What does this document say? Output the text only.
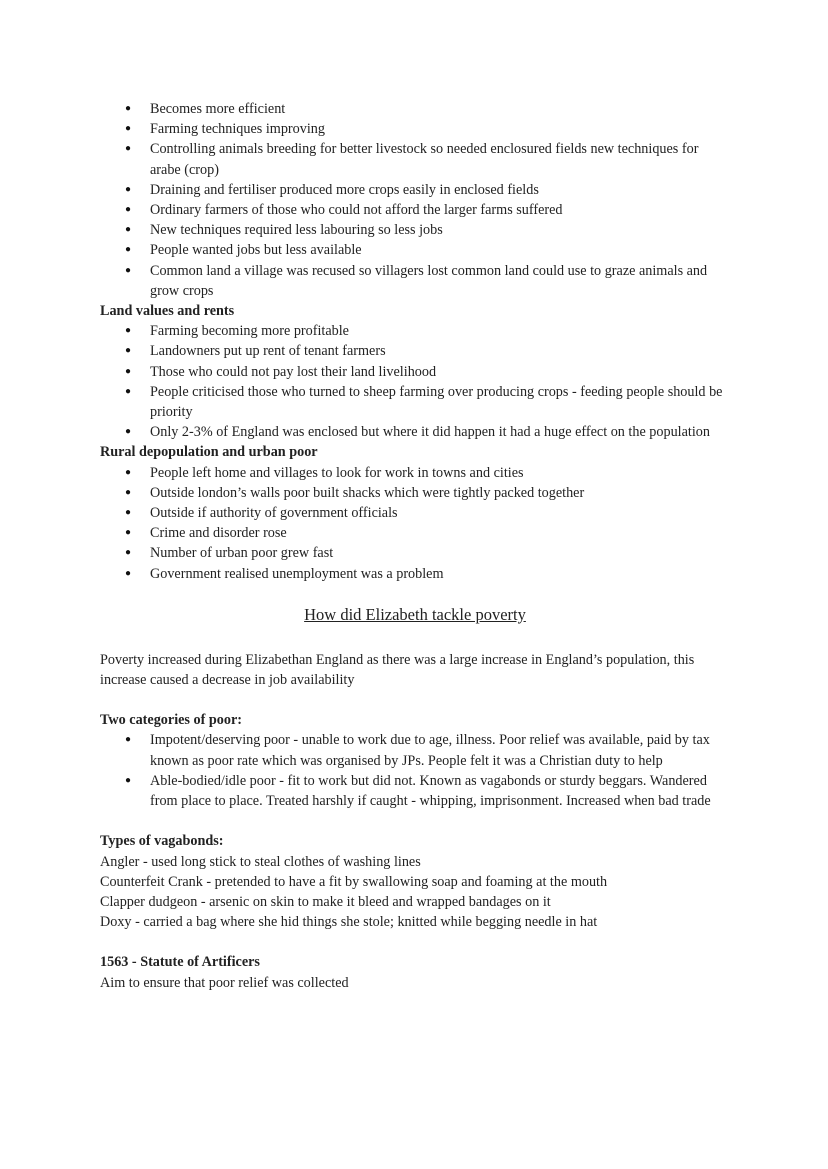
● Becomes more efficient
● Farming techniques improving
● Controlling animals breeding for better livestock so needed enclosured fields new techniques for arabe (crop)
● Draining and fertiliser produced more crops easily in enclosed fields
● Ordinary farmers of those who could not afford the larger farms suffered
● New techniques required less labouring so less jobs
● People wanted jobs but less available
● Common land a village was recused so villagers lost common land could use to graze animals and grow crops

Land values and rents

● Farming becoming more profitable
● Landowners put up rent of tenant farmers
● Those who could not pay lost their land livelihood
● People criticised those who turned to sheep farming over producing crops - feeding people should be priority
● Only 2-3% of England was enclosed but where it did happen it had a huge effect on the population

Rural depopulation and urban poor

● People left home and villages to look for work in towns and cities
● Outside london’s walls poor built shacks which were tightly packed together
● Outside if authority of government officials
● Crime and disorder rose
● Number of urban poor grew fast
● Government realised unemployment was a problem

How did Elizabeth tackle poverty

Poverty increased during Elizabethan England as there was a large increase in England’s population, this increase caused a decrease in job availability

Two categories of poor:

● Impotent/deserving poor - unable to work due to age, illness. Poor relief was available, paid by tax known as poor rate which was organised by JPs. People felt it was a Christian duty to help
● Able-bodied/idle poor - fit to work but did not. Known as vagabonds or sturdy beggars. Wandered from place to place. Treated harshly if caught - whipping, imprisonment. Increased when bad trade

Types of vagabonds:

Angler - used long stick to steal clothes of washing lines

Counterfeit Crank - pretended to have a fit by swallowing soap and foaming at the mouth

Clapper dudgeon - arsenic on skin to make it bleed and wrapped bandages on it

Doxy - carried a bag where she hid things she stole; knitted while begging needle in hat

1563 - Statute of Artificers

Aim to ensure that poor relief was collected
